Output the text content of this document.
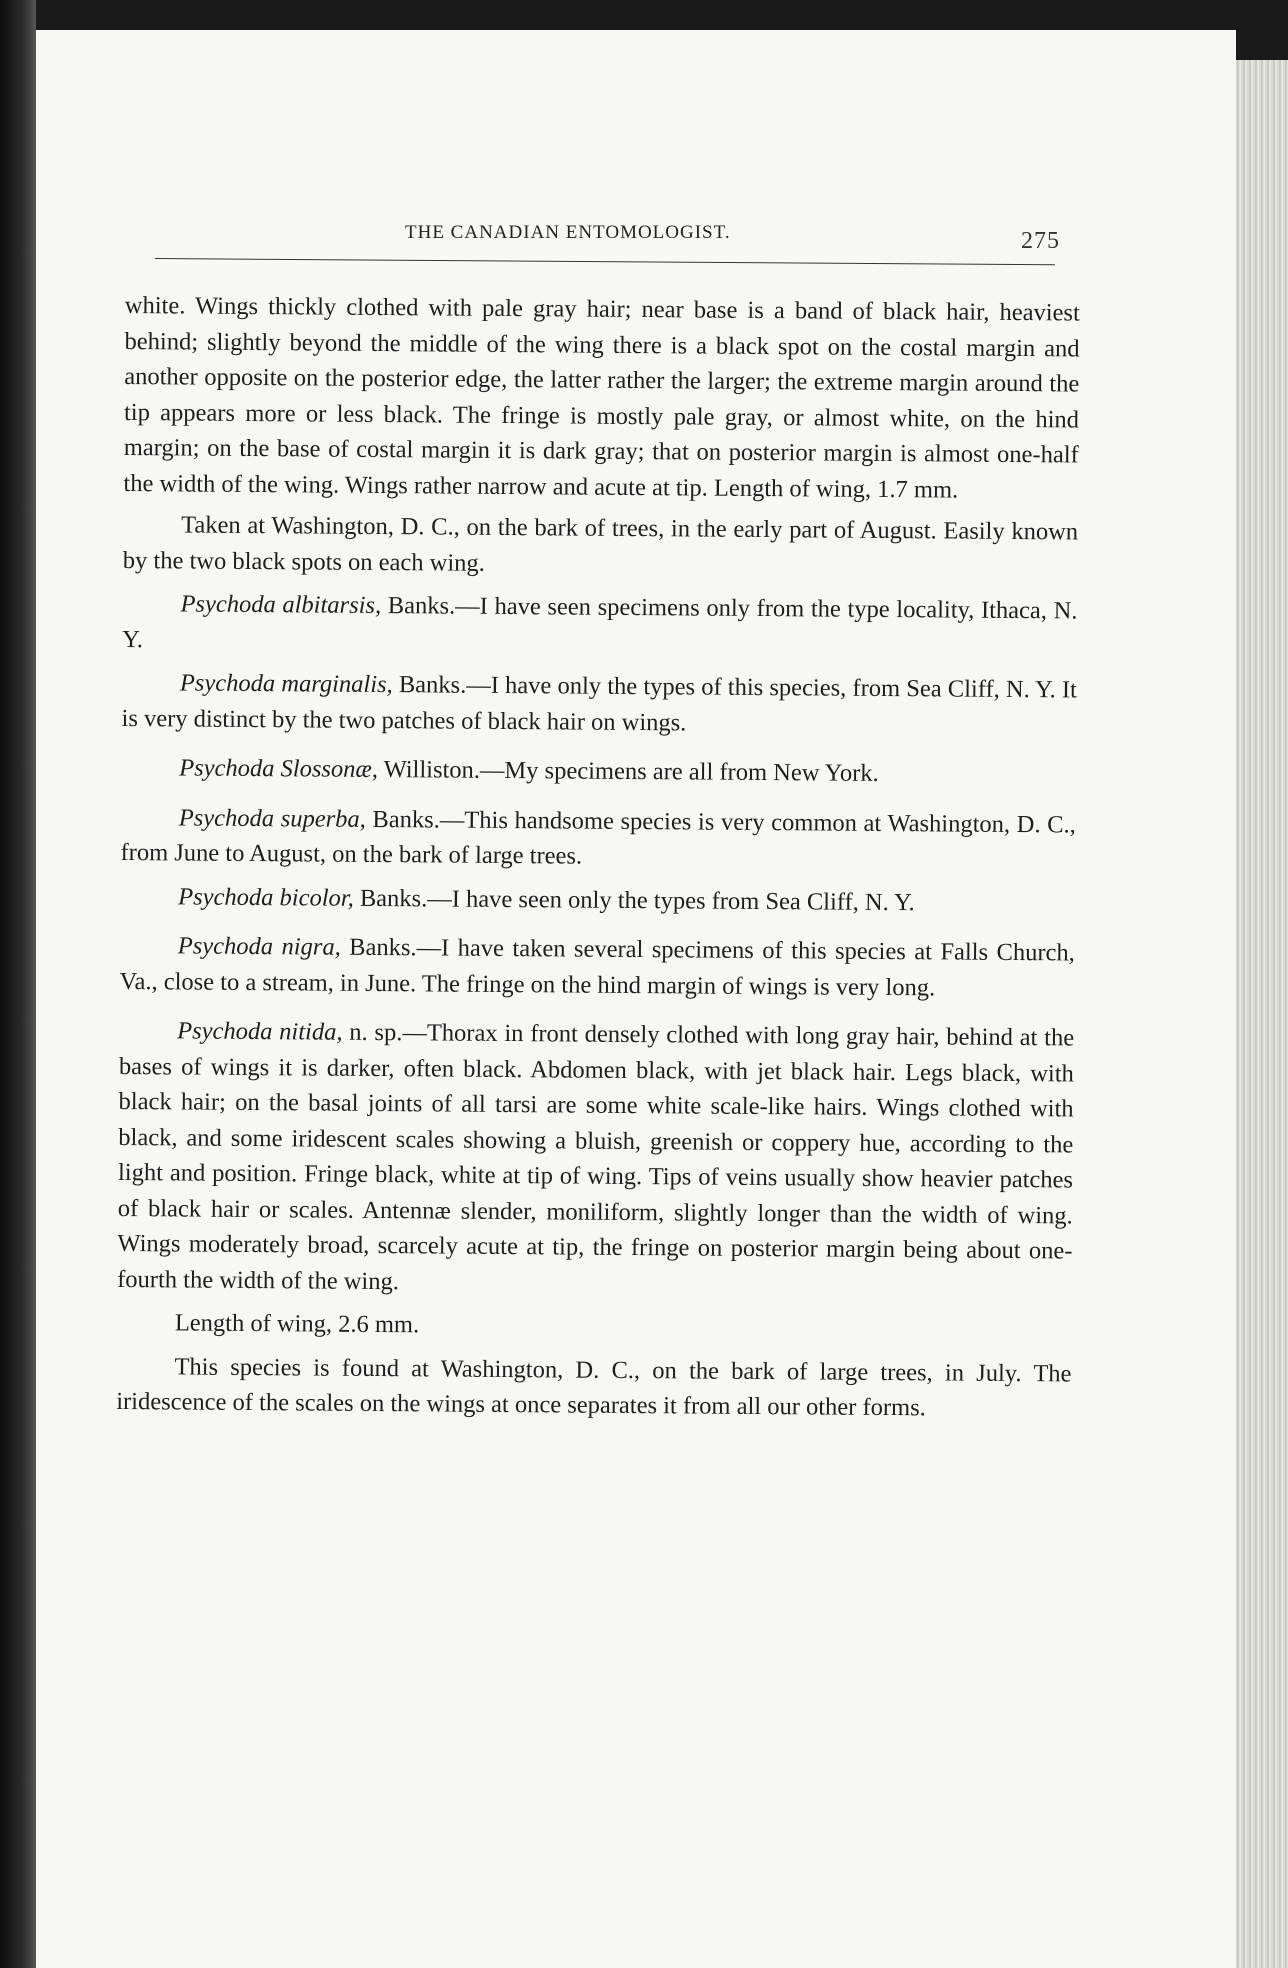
THE CANADIAN ENTOMOLOGIST.	275

white. Wings thickly clothed with pale gray hair; near base is a band of black hair, heaviest behind; slightly beyond the middle of the wing there is a black spot on the costal margin and another opposite on the posterior edge, the latter rather the larger; the extreme margin around the tip appears more or less black. The fringe is mostly pale gray, or almost white, on the hind margin; on the base of costal margin it is dark gray; that on posterior margin is almost one-half the width of the wing. Wings rather narrow and acute at tip. Length of wing, 1.7 mm.

Taken at Washington, D. C., on the bark of trees, in the early part of August. Easily known by the two black spots on each wing.

Psychoda albitarsis, Banks.—I have seen specimens only from the type locality, Ithaca, N. Y.

Psychoda marginalis, Banks.—I have only the types of this species, from Sea Cliff, N. Y. It is very distinct by the two patches of black hair on wings.

Psychoda Slossonæ, Williston.—My specimens are all from New York.

Psychoda superba, Banks.—This handsome species is very common at Washington, D. C., from June to August, on the bark of large trees.

Psychoda bicolor, Banks.—I have seen only the types from Sea Cliff, N. Y.

Psychoda nigra, Banks.—I have taken several specimens of this species at Falls Church, Va., close to a stream, in June. The fringe on the hind margin of wings is very long.

Psychoda nitida, n. sp.—Thorax in front densely clothed with long gray hair, behind at the bases of wings it is darker, often black. Abdomen black, with jet black hair. Legs black, with black hair; on the basal joints of all tarsi are some white scale-like hairs. Wings clothed with black, and some iridescent scales showing a bluish, greenish or coppery hue, according to the light and position. Fringe black, white at tip of wing. Tips of veins usually show heavier patches of black hair or scales. Antennæ slender, moniliform, slightly longer than the width of wing. Wings moderately broad, scarcely acute at tip, the fringe on posterior margin being about one-fourth the width of the wing.

Length of wing, 2.6 mm.

This species is found at Washington, D. C., on the bark of large trees, in July. The iridescence of the scales on the wings at once separates it from all our other forms.
